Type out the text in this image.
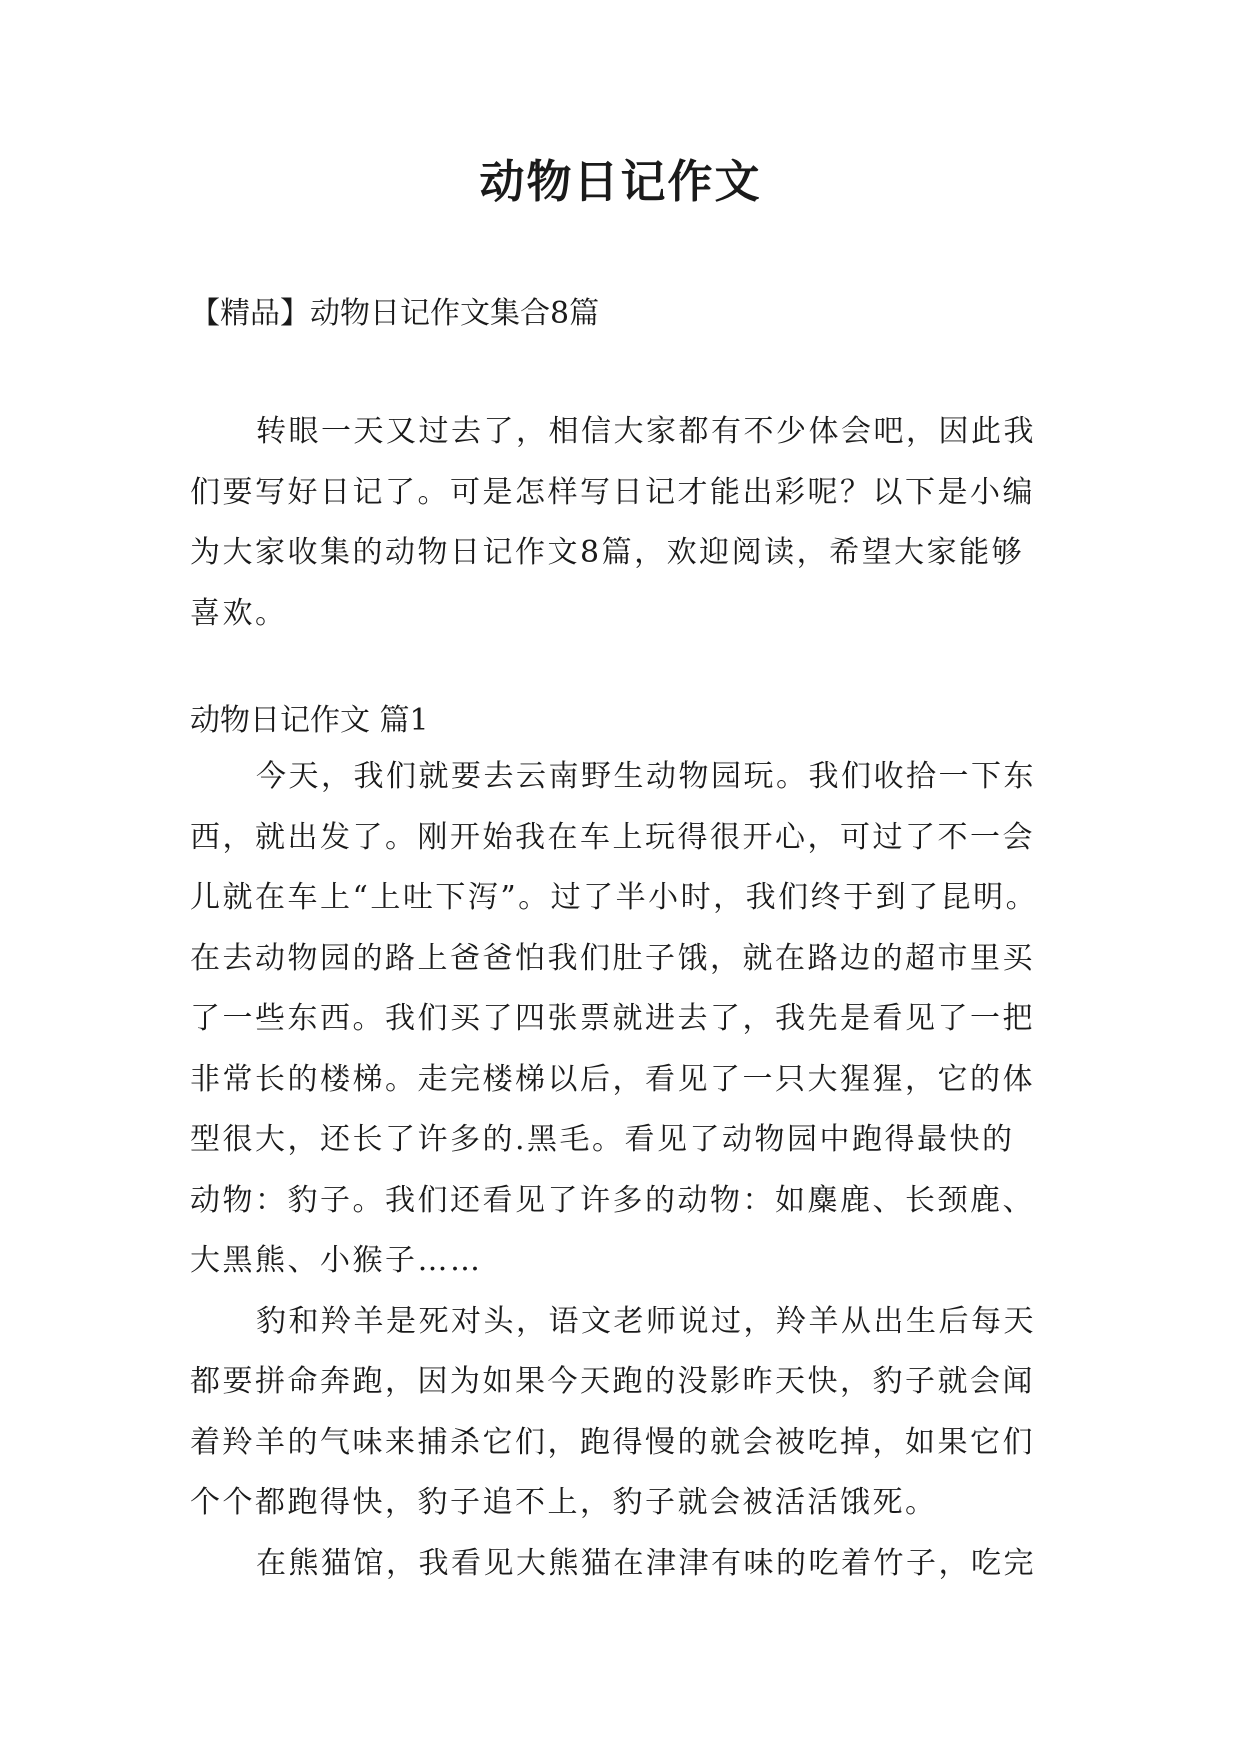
动物日记作文

【精品】动物日记作文集合8篇

转眼一天又过去了，相信大家都有不少体会吧，因此我
们要写好日记了。可是怎样写日记才能出彩呢？以下是小编
为大家收集的动物日记作文8篇，欢迎阅读，希望大家能够
喜欢。

动物日记作文 篇1

今天，我们就要去云南野生动物园玩。我们收拾一下东
西，就出发了。刚开始我在车上玩得很开心，可过了不一会
儿就在车上“上吐下泻”。过了半小时，我们终于到了昆明。
在去动物园的路上爸爸怕我们肚子饿，就在路边的超市里买
了一些东西。我们买了四张票就进去了，我先是看见了一把
非常长的楼梯。走完楼梯以后，看见了一只大猩猩，它的体
型很大，还长了许多的.黑毛。看见了动物园中跑得最快的
动物：豹子。我们还看见了许多的动物：如麋鹿、长颈鹿、
大黑熊、小猴子……
豹和羚羊是死对头，语文老师说过，羚羊从出生后每天
都要拼命奔跑，因为如果今天跑的没影昨天快，豹子就会闻
着羚羊的气味来捕杀它们，跑得慢的就会被吃掉，如果它们
个个都跑得快，豹子追不上，豹子就会被活活饿死。
在熊猫馆，我看见大熊猫在津津有味的吃着竹子，吃完
